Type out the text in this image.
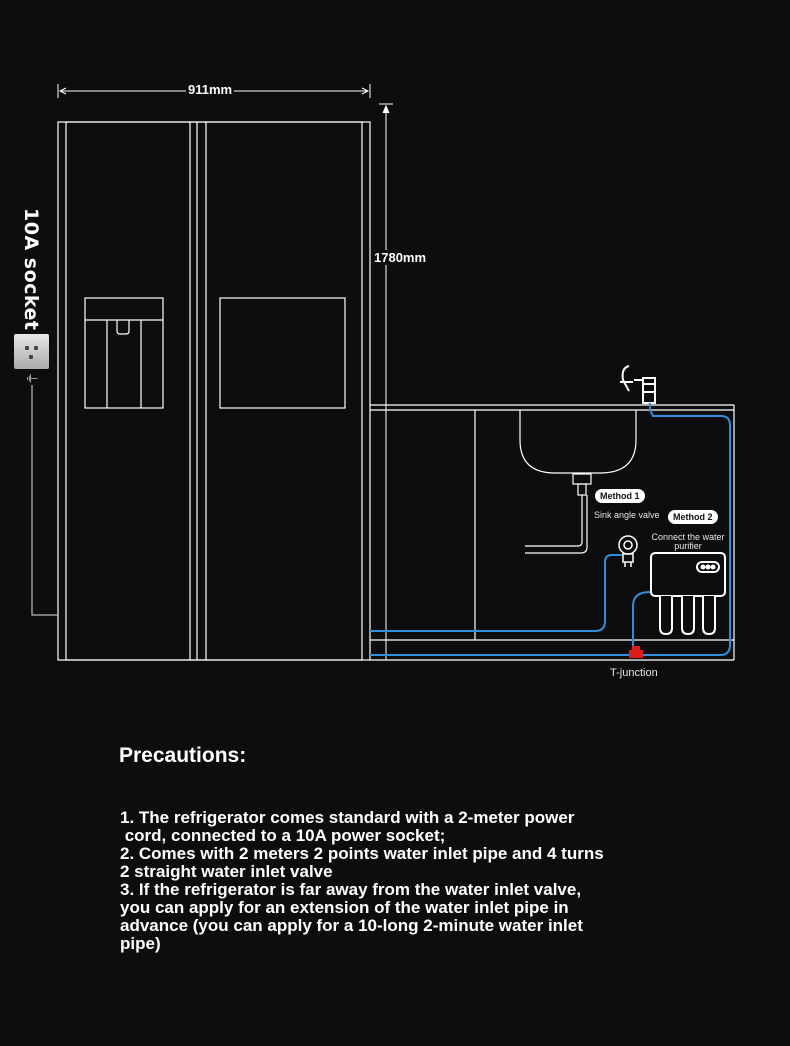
911mm
1780mm
10A socket
⏚
Method 1
Sink angle valve	Method 2
Connect the water
purifier
T-junction
Precautions:
1. The refrigerator comes standard with a 2-meter power
cord, connected to a 10A power socket;
2. Comes with 2 meters 2 points water inlet pipe and 4 turns
2 straight water inlet valve
3. If the refrigerator is far away from the water inlet valve,
you can apply for an extension of the water inlet pipe in
advance (you can apply for a 10-long 2-minute water inlet
pipe)
